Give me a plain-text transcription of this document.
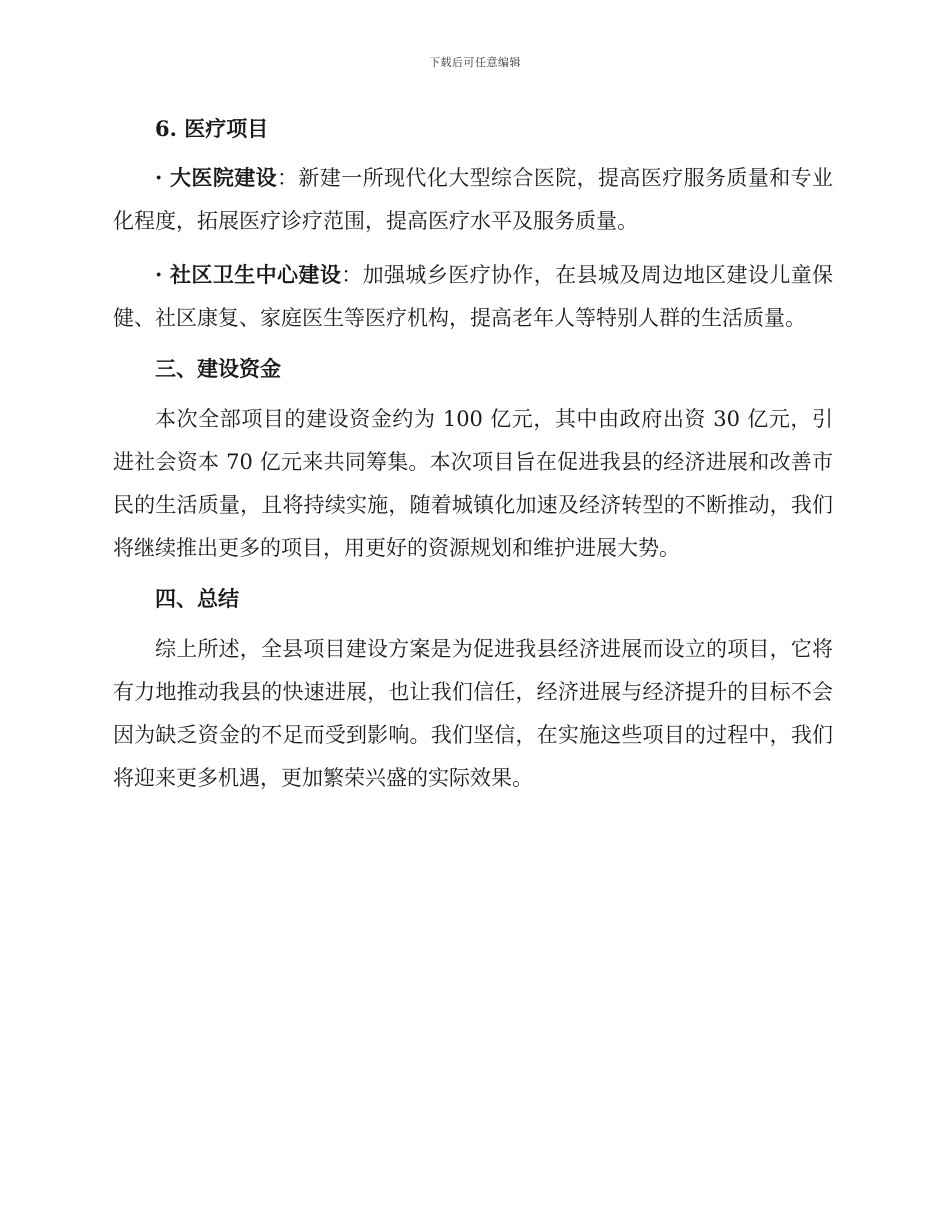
下载后可任意编辑

6. 医疗项目

· 大医院建设：新建一所现代化大型综合医院，提高医疗服务质量和专业化程度，拓展医疗诊疗范围，提高医疗水平及服务质量。

· 社区卫生中心建设：加强城乡医疗协作，在县城及周边地区建设儿童保健、社区康复、家庭医生等医疗机构，提高老年人等特别人群的生活质量。

三、建设资金

本次全部项目的建设资金约为 100 亿元，其中由政府出资 30 亿元，引进社会资本 70 亿元来共同筹集。本次项目旨在促进我县的经济进展和改善市民的生活质量，且将持续实施，随着城镇化加速及经济转型的不断推动，我们将继续推出更多的项目，用更好的资源规划和维护进展大势。

四、总结

综上所述，全县项目建设方案是为促进我县经济进展而设立的项目，它将有力地推动我县的快速进展，也让我们信任，经济进展与经济提升的目标不会因为缺乏资金的不足而受到影响。我们坚信，在实施这些项目的过程中，我们将迎来更多机遇，更加繁荣兴盛的实际效果。
